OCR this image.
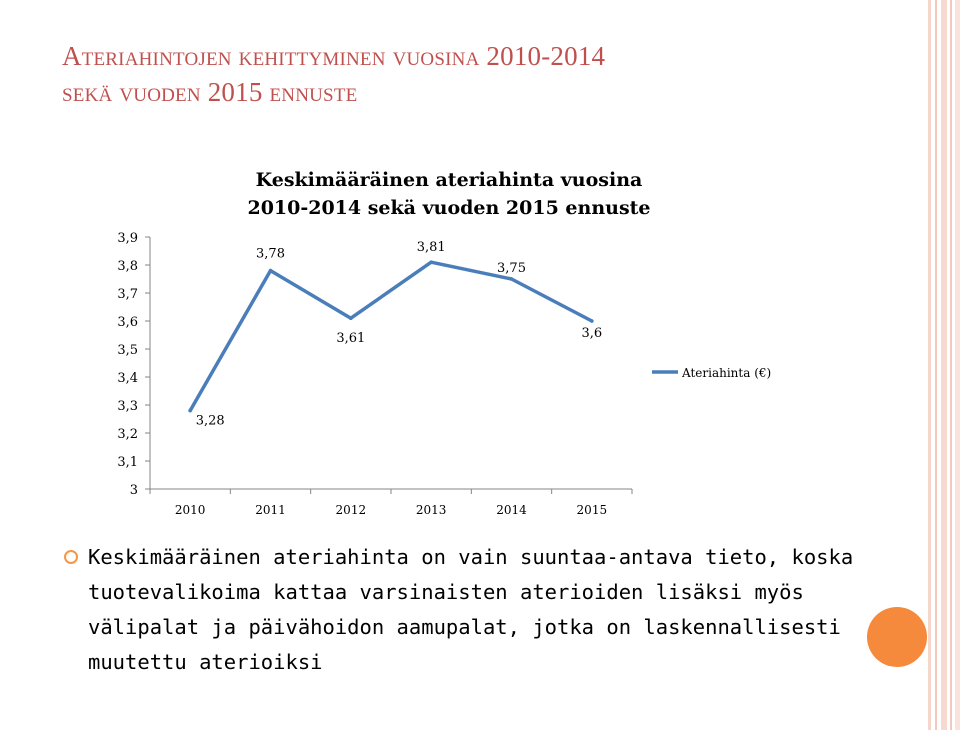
Ateriahintojen kehittyminen vuosina 2010-2014
sekä vuoden 2015 ennuste
Keskimääräinen ateriahinta vuosina
2010-2014 sekä vuoden 2015 ennuste
3
3,1
3,2
3,3
3,4
3,5
3,6
3,7
3,8
3,9
2010	2011	2012	2013	2014	2015
3,28
3,78
3,61
3,81
3,75
3,6
Ateriahinta (€)
Keskimääräinen ateriahinta on vain suuntaa-antava tieto, koska tuotevalikoima kattaa varsinaisten aterioiden lisäksi myös välipalat ja päivähoidon aamupalat, jotka on laskennallisesti muutettu aterioiksi
